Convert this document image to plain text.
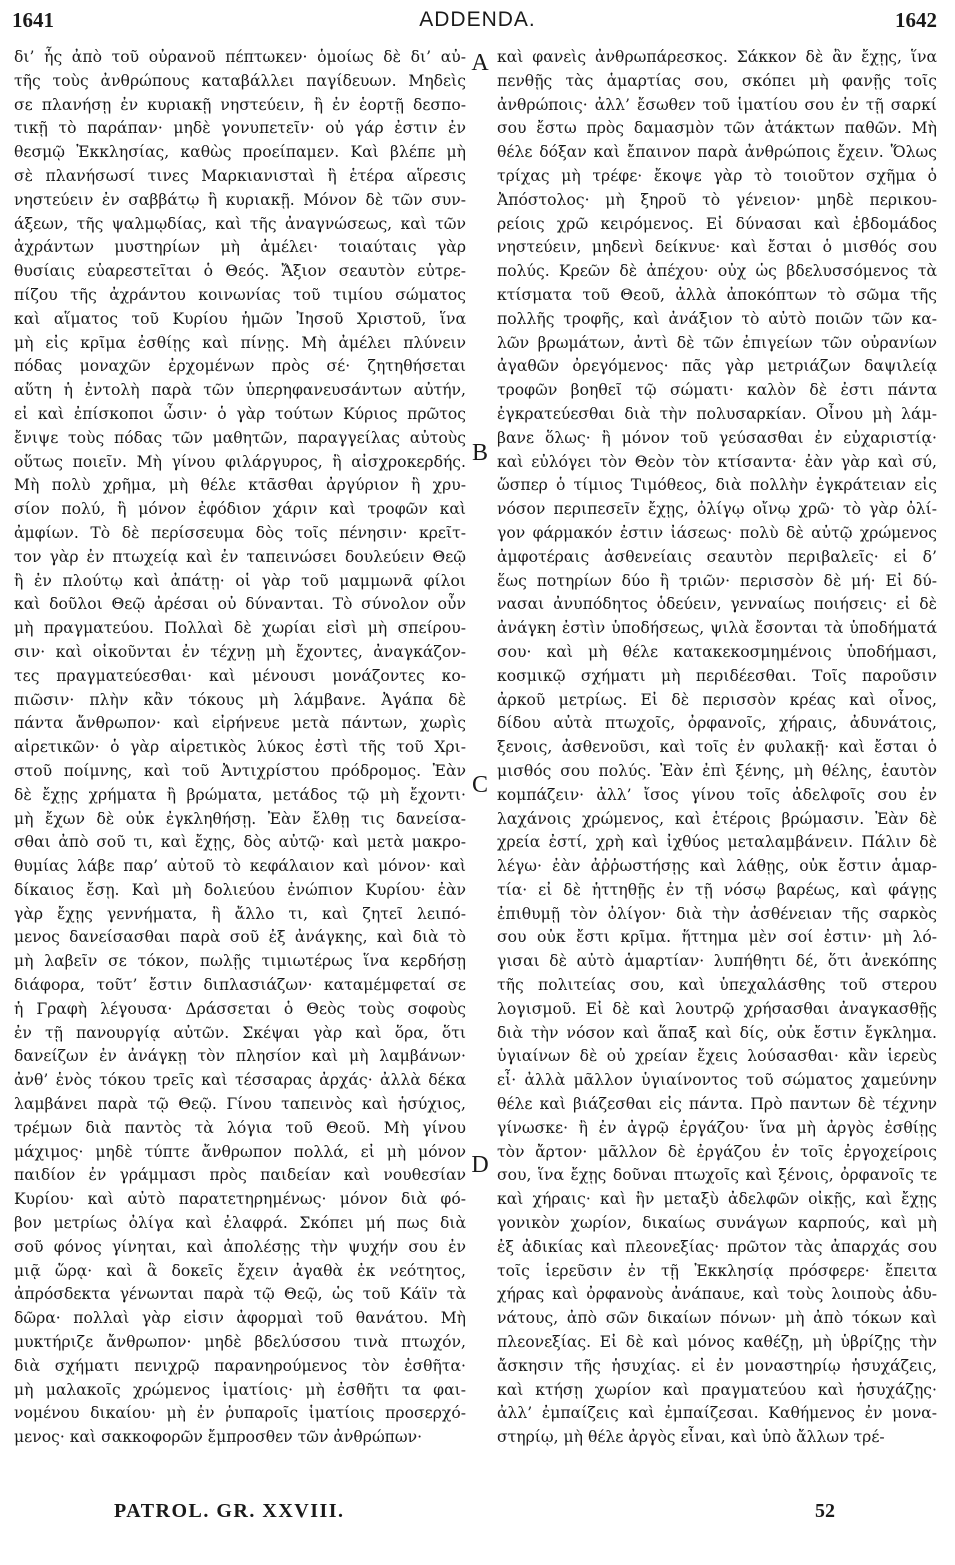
1641	ADDENDA.	1642
δι’ ἧς ἀπὸ τοῦ οὐρανοῦ πέπτωκεν· ὁμοίως δὲ δι’ αὐ-
τῆς τοὺς ἀνθρώπους καταβάλλει παγίδευων. Μηδεὶς
σε πλανήσῃ ἐν κυριακῇ νηστεύειν, ἢ ἐν ἑορτῇ δεσπο-
τικῇ τὸ παράπαν· μηδὲ γονυπετεῖν· οὐ γάρ ἐστιν ἐν
θεσμῷ Ἐκκλησίας, καθὼς προείπαμεν. Καὶ βλέπε μὴ
σὲ πλανήσωσί τινες Μαρκιανισταὶ ἢ ἑτέρα αἵρεσις
νηστεύειν ἐν σαββάτῳ ἢ κυριακῇ. Μόνον δὲ τῶν συν-
άξεων, τῆς ψαλμῳδίας, καὶ τῆς ἀναγνώσεως, καὶ τῶν
ἀχράντων μυστηρίων μὴ ἀμέλει· τοιαύταις γὰρ
θυσίαις εὐαρεστεῖται ὁ Θεός. Ἄξιον σεαυτὸν εὐτρε-
πίζου τῆς ἀχράντου κοινωνίας τοῦ τιμίου σώματος
καὶ αἵματος τοῦ Κυρίου ἡμῶν Ἰησοῦ Χριστοῦ, ἵνα
μὴ εἰς κρῖμα ἐσθίῃς καὶ πίνῃς. Μὴ ἀμέλει πλύνειν
πόδας μοναχῶν ἐρχομένων πρὸς σέ· ζητηθήσεται
αὕτη ἡ ἐντολὴ παρὰ τῶν ὑπερηφανευσάντων αὐτήν,
εἰ καὶ ἐπίσκοποι ὦσιν· ὁ γὰρ τούτων Κύριος πρῶτος
ἔνιψε τοὺς πόδας τῶν μαθητῶν, παραγγείλας αὐτοὺς
οὕτως ποιεῖν. Μὴ γίνου φιλάργυρος, ἢ αἰσχροκερδής.
Μὴ πολὺ χρῆμα, μὴ θέλε κτᾶσθαι ἀργύριον ἢ χρυ-
σίον πολύ, ἢ μόνον ἐφόδιον χάριν καὶ τροφῶν καὶ
ἀμφίων. Τὸ δὲ περίσσευμα δὸς τοῖς πένησιν· κρεῖτ-
τον γὰρ ἐν πτωχείᾳ καὶ ἐν ταπεινώσει δουλεύειν Θεῷ
ἢ ἐν πλούτῳ καὶ ἀπάτῃ· οἱ γὰρ τοῦ μαμμωνᾶ φίλοι
καὶ δοῦλοι Θεῷ ἀρέσαι οὐ δύνανται. Τὸ σύνολον οὖν
μὴ πραγματεύου. Πολλαὶ δὲ χωρίαι εἰσὶ μὴ σπείρου-
σιν· καὶ οἰκοῦνται ἐν τέχνῃ μὴ ἔχοντες, ἀναγκάζον-
τες πραγματεύεσθαι· καὶ μένουσι μονάζοντες κο-
πιῶσιν· πλὴν κἂν τόκους μὴ λάμβανε. Ἀγάπα δὲ
πάντα ἄνθρωπον· καὶ εἰρήνευε μετὰ πάντων, χωρὶς
αἱρετικῶν· ὁ γὰρ αἱρετικὸς λύκος ἐστὶ τῆς τοῦ Χρι-
στοῦ ποίμνης, καὶ τοῦ Ἀντιχρίστου πρόδρομος. Ἐὰν
δὲ ἔχῃς χρήματα ἢ βρώματα, μετάδος τῷ μὴ ἔχοντι·
μὴ ἔχων δὲ οὐκ ἐγκληθήσῃ. Ἐὰν ἔλθῃ τις δανείσα-
σθαι ἀπὸ σοῦ τι, καὶ ἔχῃς, δὸς αὐτῷ· καὶ μετὰ μακρο-
θυμίας λάβε παρ’ αὐτοῦ τὸ κεφάλαιον καὶ μόνον· καὶ
δίκαιος ἔσῃ. Καὶ μὴ δολιεύου ἐνώπιον Κυρίου· ἐὰν
γὰρ ἔχῃς γεννήματα, ἢ ἄλλο τι, καὶ ζητεῖ λειπό-
μενος δανείσασθαι παρὰ σοῦ ἐξ ἀνάγκης, καὶ διὰ τὸ
μὴ λαβεῖν σε τόκον, πωλῇς τιμιωτέρως ἵνα κερδήσῃ
διάφορα, τοῦτ’ ἔστιν διπλασιάζων· καταμέμφεταί σε
ἡ Γραφὴ λέγουσα· Δράσσεται ὁ Θεὸς τοὺς σοφοὺς
ἐν τῇ πανουργίᾳ αὐτῶν. Σκέψαι γὰρ καὶ ὅρα, ὅτι
δανείζων ἐν ἀνάγκῃ τὸν πλησίον καὶ μὴ λαμβάνων·
ἀνθ’ ἑνὸς τόκου τρεῖς καὶ τέσσαρας ἀρχάς· ἀλλὰ δέκα
λαμβάνει παρὰ τῷ Θεῷ. Γίνου ταπεινὸς καὶ ἡσύχιος,
τρέμων διὰ παντὸς τὰ λόγια τοῦ Θεοῦ. Μὴ γίνου
μάχιμος· μηδὲ τύπτε ἄνθρωπον πολλά, εἰ μὴ μόνον
παιδίον ἐν γράμμασι πρὸς παιδείαν καὶ νουθεσίαν
Κυρίου· καὶ αὐτὸ παρατετηρημένως· μόνον διὰ φό-
βον μετρίως ὀλίγα καὶ ἐλαφρά. Σκόπει μή πως διὰ
σοῦ φόνος γίνηται, καὶ ἀπολέσῃς τὴν ψυχήν σου ἐν
μιᾷ ὥρᾳ· καὶ ἃ δοκεῖς ἔχειν ἀγαθὰ ἐκ νεότητος,
ἀπρόσδεκτα γένωνται παρὰ τῷ Θεῷ, ὡς τοῦ Κάϊν τὰ
δῶρα· πολλαὶ γὰρ εἰσιν ἀφορμαὶ τοῦ θανάτου. Μὴ
μυκτήριζε ἄνθρωπον· μηδὲ βδελύσσου τινὰ πτωχόν,
διὰ σχήματι πενιχρῷ παρανηρούμενος τὸν ἐσθῆτα·
μὴ μαλακοῖς χρώμενος ἱματίοις· μὴ ἐσθῆτι τα φαι-
νομένου δικαίου· μὴ ἐν ῥυπαροῖς ἱματίοις προσερχό-
μενος· καὶ σακκοφορῶν ἔμπροσθεν τῶν ἀνθρώπων·
καὶ φανεὶς ἀνθρωπάρεσκος. Σάκκον δὲ ἂν ἔχῃς, ἵνα
πενθῇς τὰς ἁμαρτίας σου, σκόπει μὴ φανῇς τοῖς
ἀνθρώποις· ἀλλ’ ἔσωθεν τοῦ ἱματίου σου ἐν τῇ σαρκί
σου ἔστω πρὸς δαμασμὸν τῶν ἀτάκτων παθῶν. Μὴ
θέλε δόξαν καὶ ἔπαινον παρὰ ἀνθρώποις ἔχειν. Ὅλως
τρίχας μὴ τρέφε· ἔκοψε γὰρ τὸ τοιοῦτον σχῆμα ὁ
Ἀπόστολος· μὴ ξηροῦ τὸ γένειον· μηδὲ περικου-
ρείοις χρῶ κειρόμενος. Εἰ δύνασαι καὶ ἑβδομάδος
νηστεύειν, μηδενὶ δείκνυε· καὶ ἔσται ὁ μισθός σου
πολύς. Κρεῶν δὲ ἀπέχου· οὐχ ὡς βδελυσσόμενος τὰ
κτίσματα τοῦ Θεοῦ, ἀλλὰ ἀποκόπτων τὸ σῶμα τῆς
πολλῆς τροφῆς, καὶ ἀνάξιον τὸ αὐτὸ ποιῶν τῶν κα-
λῶν βρωμάτων, ἀντὶ δὲ τῶν ἐπιγείων τῶν οὐρανίων
ἀγαθῶν ὀρεγόμενος· πᾶς γὰρ μετριάζων δαψιλείᾳ
τροφῶν βοηθεῖ τῷ σώματι· καλὸν δὲ ἐστι πάντα
ἐγκρατεύεσθαι διὰ τὴν πολυσαρκίαν. Οἶνου μὴ λάμ-
βανε ὅλως· ἢ μόνον τοῦ γεύσασθαι ἐν εὐχαριστίᾳ·
καὶ εὐλόγει τὸν Θεὸν τὸν κτίσαντα· ἐὰν γὰρ καὶ σύ,
ὥσπερ ὁ τίμιος Τιμόθεος, διὰ πολλὴν ἐγκράτειαν εἰς
νόσον περιπεσεῖν ἔχῃς, ὀλίγῳ οἴνῳ χρῶ· τὸ γὰρ ὀλί-
γον φάρμακόν ἐστιν ἰάσεως· πολὺ δὲ αὐτῷ χρώμενος
ἀμφοτέραις ἀσθενείαις σεαυτὸν περιβαλεῖς· εἰ δ’
ἕως ποτηρίων δύο ἢ τριῶν· περισσὸν δὲ μή· Εἰ δύ-
νασαι ἀνυπόδητος ὁδεύειν, γενναίως ποιήσεις· εἰ δὲ
ἀνάγκη ἐστὶν ὑποδήσεως, ψιλὰ ἔσονται τὰ ὑποδήματά
σου· καὶ μὴ θέλε κατακεκοσμημένοις ὑποδήμασι,
κοσμικῷ σχήματι μὴ περιδέεσθαι. Τοῖς παροῦσιν
ἀρκοῦ μετρίως. Εἰ δὲ περισσὸν κρέας καὶ οἶνος,
δίδου αὐτὰ πτωχοῖς, ὀρφανοῖς, χήραις, ἀδυνάτοις,
ξενοις, ἀσθενοῦσι, καὶ τοῖς ἐν φυλακῇ· καὶ ἔσται ὁ
μισθός σου πολύς. Ἐὰν ἐπὶ ξένης, μὴ θέλης, ἑαυτὸν
κομπάζειν· ἀλλ’ ἴσος γίνου τοῖς ἀδελφοῖς σου ἐν
λαχάνοις χρώμενος, καὶ ἑτέροις βρώμασιν. Ἐὰν δὲ
χρεία ἐστί, χρὴ καὶ ἰχθύος μεταλαμβάνειν. Πάλιν δὲ
λέγω· ἐὰν ἀῤῥωστήσῃς καὶ λάθῃς, οὐκ ἔστιν ἁμαρ-
τία· εἰ δὲ ἡττηθῇς ἐν τῇ νόσῳ βαρέως, καὶ φάγῃς
ἐπιθυμῇ τὸν ὀλίγον· διὰ τὴν ἀσθένειαν τῆς σαρκὸς
σου οὐκ ἔστι κρῖμα. ἥττημα μὲν σοί ἐστιν· μὴ λό-
γισαι δὲ αὐτὸ ἁμαρτίαν· λυπήθητι δέ, ὅτι ἀνεκόπης
τῆς πολιτείας σου, καὶ ὑπεχαλάσθης τοῦ στερου
λογισμοῦ. Εἰ δὲ καὶ λουτρῷ χρήσασθαι ἀναγκασθῇς
διὰ τὴν νόσον καὶ ἅπαξ καὶ δίς, οὐκ ἔστιν ἔγκλημα.
ὑγιαίνων δὲ οὐ χρείαν ἔχεις λούσασθαι· κἂν ἱερεὺς
εἶ· ἀλλὰ μᾶλλον ὑγιαίνοντος τοῦ σώματος χαμεύνην
θέλε καὶ βιάζεσθαι εἰς πάντα. Πρὸ παντων δὲ τέχνην
γίνωσκε· ἢ ἐν ἀγρῷ ἐργάζου· ἵνα μὴ ἀργὸς ἐσθίῃς
τὸν ἄρτον· μᾶλλον δὲ ἐργάζου ἐν τοῖς ἐργοχείροις
σου, ἵνα ἔχῃς δοῦναι πτωχοῖς καὶ ξένοις, ὀρφανοῖς τε
καὶ χήραις· καὶ ἣν μεταξὺ ἀδελφῶν οἰκῇς, καὶ ἔχῃς
γονικὸν χωρίον, δικαίως συνάγων καρπούς, καὶ μὴ
ἐξ ἀδικίας καὶ πλεονεξίας· πρῶτον τὰς ἀπαρχάς σου
τοῖς ἱερεῦσιν ἐν τῇ Ἐκκλησίᾳ πρόσφερε· ἔπειτα
χήρας καὶ ὀρφανοὺς ἀνάπαυε, καὶ τοὺς λοιποὺς ἀδυ-
νάτους, ἀπὸ σῶν δικαίων πόνων· μὴ ἀπὸ τόκων καὶ
πλεονεξίας. Εἰ δὲ καὶ μόνος καθέζῃ, μὴ ὑβρίζῃς τὴν
ἄσκησιν τῆς ἡσυχίας. εἰ ἐν μοναστηρίῳ ἡσυχάζεις,
καὶ κτήσῃ χωρίον καὶ πραγματεύου καὶ ἡσυχάζῃς·
ἀλλ’ ἐμπαίζεις καὶ ἐμπαίζεσαι. Καθήμενος ἐν μονα-
στηρίῳ, μὴ θέλε ἀργὸς εἶναι, καὶ ὑπὸ ἄλλων τρέ-
A
B
C
D
PATROL. GR. XXVIII.	52
